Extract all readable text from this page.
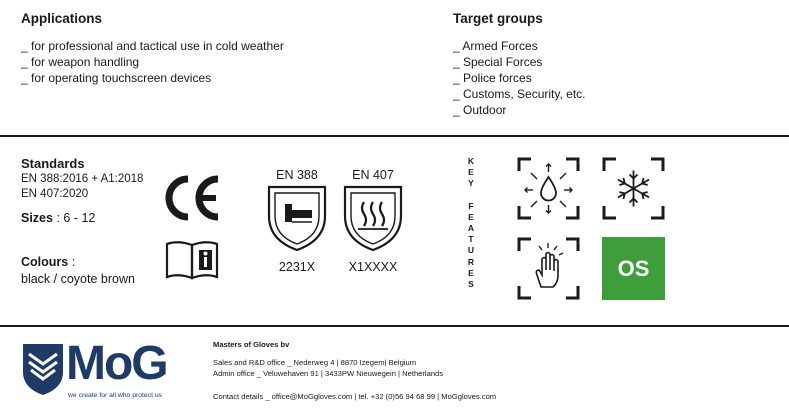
Applications
_ for professional and tactical use in cold weather
_ for weapon handling
_ for operating touchscreen devices
Target groups
_ Armed Forces
_ Special Forces
_ Police forces
_ Customs, Security, etc.
_ Outdoor
Standards
EN 388:2016 + A1:2018
EN 407:2020
Sizes : 6 - 12
Colours :
black / coyote brown
EN 388
2231X
EN 407
X1XXXX
K
E
Y
F
E
A
T
U
R
E
S
OS
MoG
we create for all who protect us
Masters of Gloves bv
Sales and R&D office _ Nederweg 4 | 8870 Izegem| Belgium
Admin office _ Veluwehaven 91 | 3433PW Nieuwegein | Netherlands
Contact details _ office@MoGgloves.com | tel. +32 (0)56 94 68 99 | MoGgloves.com
